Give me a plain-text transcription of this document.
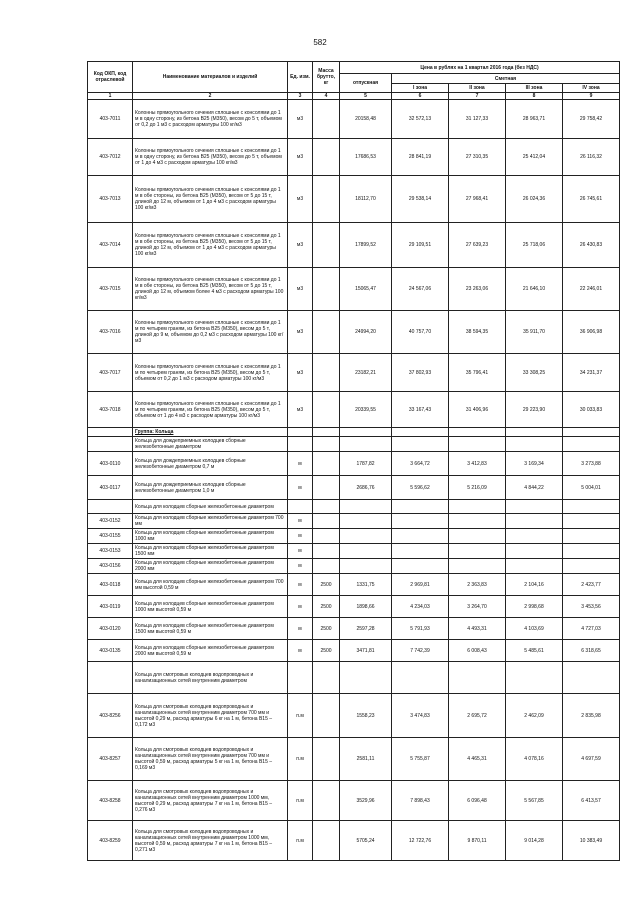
582
Код ОКП, код отраслевой	Наименование материалов и изделий	Ед. изм.	Масса брутто, кг	Цена в рублях на 1 квартал 2016 года (без НДС)				
				отпускная	Сметная			
					I зона	II зона	III зона	IV зона
1	2	3	4	5	6	7	8	9
403-7011	Колонны прямоугольного сечения сплошные с консолями до 1 м в одну сторону, из бетона В25 (М350), весом до 5 т, объемом от 0,2 до 1 м3 с расходом арматуры 100 кг/м3	м3		20158,48	32 572,13	31 127,33	28 963,71	29 758,42
403-7012	Колонны прямоугольного сечения сплошные с консолями до 1 м в одну сторону, из бетона В25 (М350), весом до 5 т, объемом от 1 до 4 м3 с расходом арматуры 100 кг/м3	м3		17686,53	28 841,19	27 310,35	25 412,04	26 116,32
403-7013	Колонны прямоугольного сечения сплошные с консолями до 1 м в обе стороны, из бетона В25 (М350), весом от 5 до 15 т, длиной до 12 м, объемом от 1 до 4 м3 с расходом арматуры 100 кг/м3	м3		18112,70	29 538,14	27 968,41	26 024,36	26 745,61
403-7014	Колонны прямоугольного сечения сплошные с консолями до 1 м в обе стороны, из бетона В25 (М350), весом от 5 до 15 т, длиной до 12 м, объемом от 1 до 4 м3 с расходом арматуры 100 кг/м3	м3		17899,52	29 109,51	27 639,23	25 718,06	26 430,83
403-7015	Колонны прямоугольного сечения сплошные с консолями до 1 м в обе стороны, из бетона В25 (М350), весом от 5 до 15 т, длиной до 12 м, объемом более 4 м3 с расходом арматуры 100 кг/м3	м3		15065,47	24 567,06	23 263,06	21 646,10	22 246,01
403-7016	Колонны прямоугольного сечения сплошные с консолями до 1 м по четырем граням, из бетона В25 (М350), весом до 5 т, длиной до 9 м, объемом до 0,2 м3 с расходом арматуры 100 кг/м3	м3		24994,20	40 757,70	38 594,35	35 911,70	36 906,98
403-7017	Колонны прямоугольного сечения сплошные с консолями до 1 м по четырем граням, из бетона В25 (М350), весом до 5 т, объемом от 0,2 до 1 м3 с расходом арматуры 100 кг/м3	м3		23182,21	37 802,93	35 796,41	33 308,25	34 231,37
403-7018	Колонны прямоугольного сечения сплошные с консолями до 1 м по четырем граням, из бетона В25 (М350), весом до 5 т, объемом от 1 до 4 м3 с расходом арматуры 100 кг/м3	м3		20339,55	33 167,43	31 406,96	29 223,90	30 033,83
	Группа: Кольца							
	Кольца для дождеприемных колодцев сборные железобетонные диаметром							
403-0110	Кольца для дождеприемных колодцев сборные железобетонные диаметром 0,7 м	м		1787,82	3 664,72	3 412,83	3 169,34	3 273,88
403-0117	Кольца для дождеприемных колодцев сборные железобетонные диаметром 1,0 м	м		2686,76	5 596,62	5 216,09	4 844,22	5 004,01
	Кольца для колодцев сборные железобетонные диаметром							
403-0152	Кольца для колодцев сборные железобетонные диаметром 700 мм	м						
403-0155	Кольца для колодцев сборные железобетонные диаметром 1000 мм	м						
403-0153	Кольца для колодцев сборные железобетонные диаметром 1500 мм	м						
403-0156	Кольца для колодцев сборные железобетонные диаметром 2000 мм	м						
403-0118	Кольца для колодцев сборные железобетонные диаметром 700 мм высотой 0,59 м	м	2500	1331,75	2 969,81	2 363,83	2 104,16	2 423,77
403-0119	Кольца для колодцев сборные железобетонные диаметром 1000 мм высотой 0,59 м	м	2500	1898,66	4 234,03	3 264,70	2 998,68	3 453,56
403-0120	Кольца для колодцев сборные железобетонные диаметром 1500 мм высотой 0,59 м	м	2500	2597,28	5 791,93	4 493,31	4 103,69	4 727,03
403-0135	Кольца для колодцев сборные железобетонные диаметром 2000 мм высотой 0,59 м	м	2500	3471,81	7 742,39	6 008,43	5 485,61	6 318,65
	Кольца для смотровых колодцев водопроводных и канализационных сетей внутренним диаметром							
403-8256	Кольца для смотровых колодцев водопроводных и канализационных сетей внутренним диаметром 700 мм и высотой 0,29 м, расход арматуры 6 кг на 1 м, бетона В15 – 0,172 м3	п.м		1558,23	3 474,83	2 695,72	2 462,09	2 835,98
403-8257	Кольца для смотровых колодцев водопроводных и канализационных сетей внутренним диаметром 700 мм и высотой 0,59 м, расход арматуры 5 кг на 1 м, бетона В15 – 0,169 м3	п.м		2581,11	5 755,87	4 465,31	4 078,16	4 697,59
403-8258	Кольца для смотровых колодцев водопроводных и канализационных сетей внутренним диаметром 1000 мм, высотой 0,29 м, расход арматуры 7 кг на 1 м, бетона В15 – 0,276 м3	п.м		3529,96	7 898,43	6 096,48	5 567,85	6 413,57
403-8259	Кольца для смотровых колодцев водопроводных и канализационных сетей внутренним диаметром 1000 мм, высотой 0,59 м, расход арматуры 7 кг на 1 м, бетона В15 – 0,271 м3	п.м		5705,24	12 722,76	9 870,11	9 014,28	10 383,49
